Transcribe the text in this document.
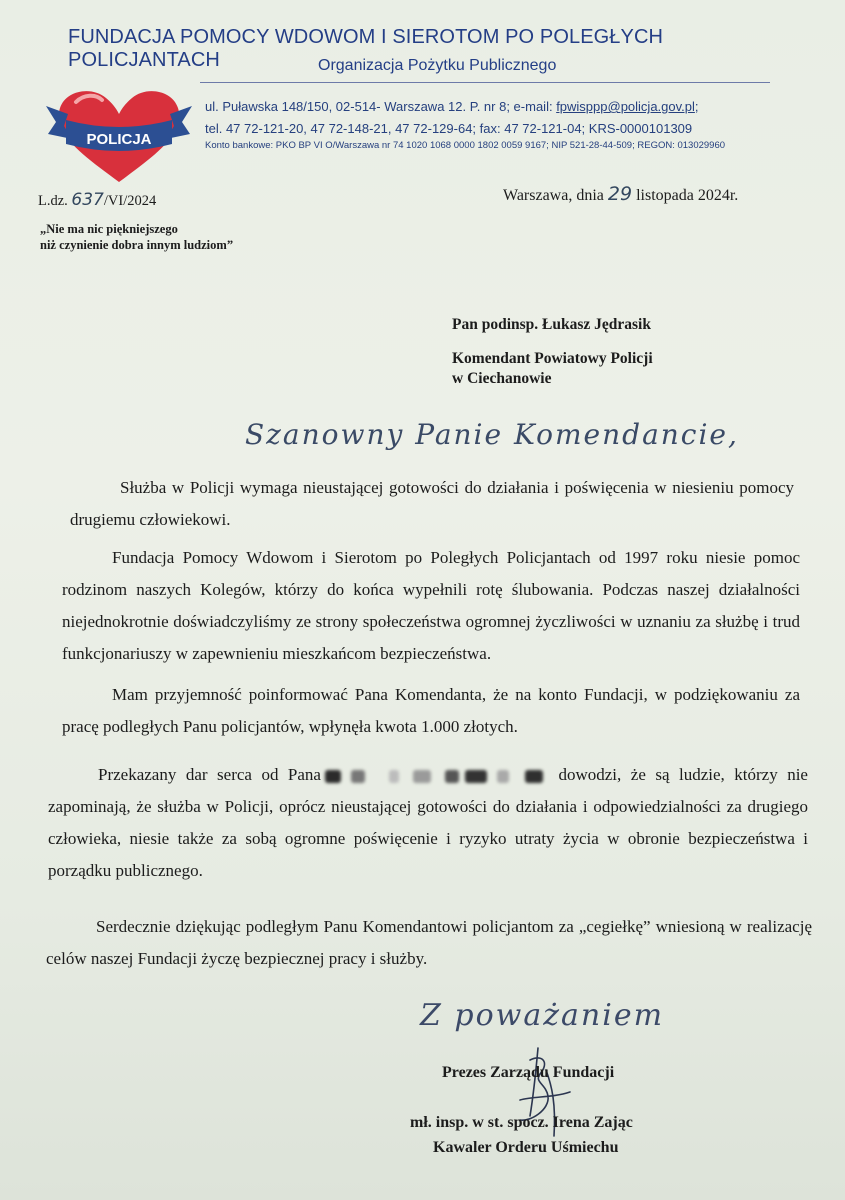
FUNDACJA POMOCY WDOWOM I SIEROTOM PO POLEGŁYCH POLICJANTACH	Organizacja Pożytku Publicznego
POLICJA
ul. Puławska 148/150, 02-514- Warszawa 12. P. nr 8; e-mail: fpwisppp@policja.gov.pl;
tel. 47 72-121-20, 47 72-148-21, 47 72-129-64; fax: 47 72-121-04; KRS-0000101309
Konto bankowe: PKO BP VI O/Warszawa nr 74 1020 1068 0000 1802 0059 9167; NIP 521-28-44-509; REGON: 013029960
L.dz. 637/VI/2024	Warszawa, dnia 29 listopada 2024r.
„Nie ma nic piękniejszego
niż czynienie dobra innym ludziom”
Pan podinsp. Łukasz Jędrasik
Komendant Powiatowy Policji
w Ciechanowie
Szanowny Panie Komendancie,
Służba w Policji wymaga nieustającej gotowości do działania i poświęcenia w niesieniu pomocy drugiemu człowiekowi.
Fundacja Pomocy Wdowom i Sierotom po Poległych Policjantach od 1997 roku niesie pomoc rodzinom naszych Kolegów, którzy do końca wypełnili rotę ślubowania. Podczas naszej działalności niejednokrotnie doświadczyliśmy ze strony społeczeństwa ogromnej życzliwości w uznaniu za służbę i trud funkcjonariuszy w zapewnieniu mieszkańcom bezpieczeństwa.
Mam przyjemność poinformować Pana Komendanta, że na konto Fundacji, w podziękowaniu za pracę podległych Panu policjantów, wpłynęła kwota 1.000 złotych.
Przekazany dar serca od Pana	dowodzi, że są ludzie, którzy nie zapominają, że służba w Policji, oprócz nieustającej gotowości do działania i odpowiedzialności za drugiego człowieka, niesie także za sobą ogromne poświęcenie i ryzyko utraty życia w obronie bezpieczeństwa i porządku publicznego.
Serdecznie dziękując podległym Panu Komendantowi policjantom za „cegiełkę” wniesioną w realizację celów naszej Fundacji życzę bezpiecznej pracy i służby.
Z poważaniem
Prezes Zarządu Fundacji
mł. insp. w st. spocz. Irena Zając
Kawaler Orderu Uśmiechu
